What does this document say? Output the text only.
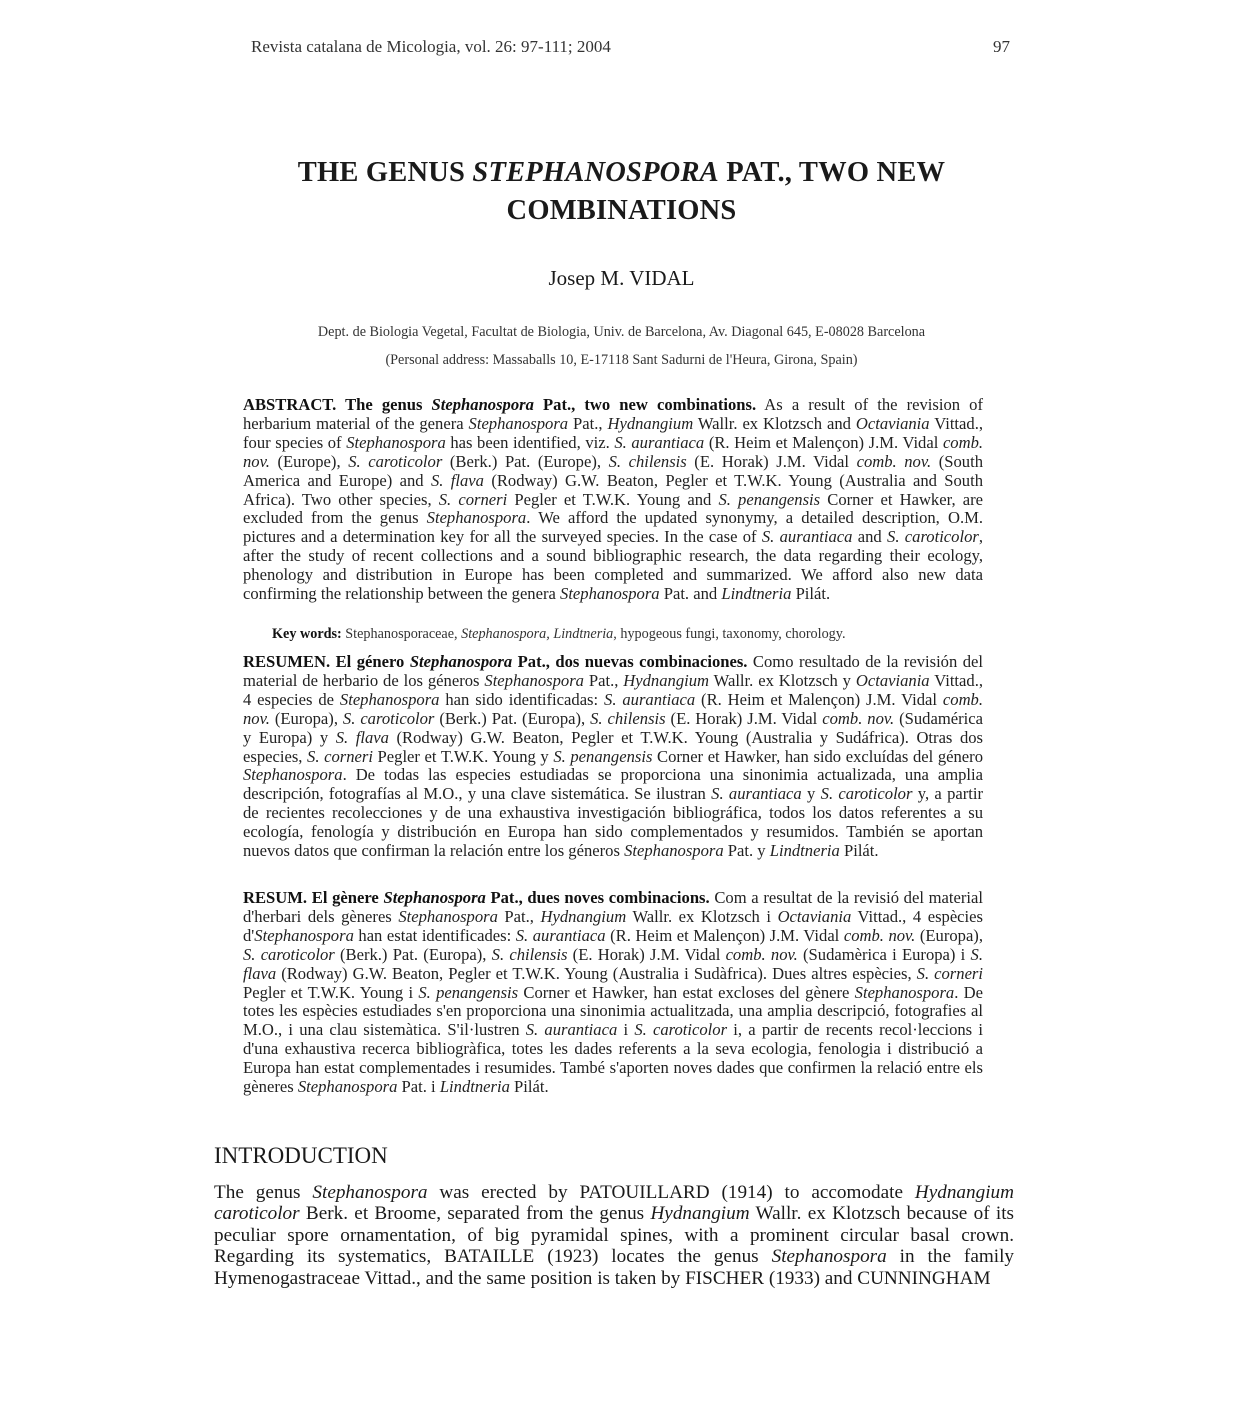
Revista catalana de Micologia, vol. 26: 97-111; 2004	97
THE GENUS STEPHANOSPORA PAT., TWO NEW COMBINATIONS
Josep M. VIDAL
Dept. de Biologia Vegetal, Facultat de Biologia, Univ. de Barcelona, Av. Diagonal 645, E-08028 Barcelona
(Personal address: Massaballs 10, E-17118 Sant Sadurni de l'Heura, Girona, Spain)
ABSTRACT. The genus Stephanospora Pat., two new combinations. As a result of the revision of herbarium material of the genera Stephanospora Pat., Hydnangium Wallr. ex Klotzsch and Octaviania Vittad., four species of Stephanospora has been identified, viz. S. aurantiaca (R. Heim et Malençon) J.M. Vidal comb. nov. (Europe), S. caroticolor (Berk.) Pat. (Europe), S. chilensis (E. Horak) J.M. Vidal comb. nov. (South America and Europe) and S. flava (Rodway) G.W. Beaton, Pegler et T.W.K. Young (Australia and South Africa). Two other species, S. corneri Pegler et T.W.K. Young and S. penangensis Corner et Hawker, are excluded from the genus Stephanospora. We afford the updated synonymy, a detailed description, O.M. pictures and a determination key for all the surveyed species. In the case of S. aurantiaca and S. caroticolor, after the study of recent collections and a sound bibliographic research, the data regarding their ecology, phenology and distribution in Europe has been completed and summarized. We afford also new data confirming the relationship between the genera Stephanospora Pat. and Lindtneria Pilát.
Key words: Stephanosporaceae, Stephanospora, Lindtneria, hypogeous fungi, taxonomy, chorology.
RESUMEN. El género Stephanospora Pat., dos nuevas combinaciones. Como resultado de la revisión del material de herbario de los géneros Stephanospora Pat., Hydnangium Wallr. ex Klotzsch y Octaviania Vittad., 4 especies de Stephanospora han sido identificadas: S. aurantiaca (R. Heim et Malençon) J.M. Vidal comb. nov. (Europa), S. caroticolor (Berk.) Pat. (Europa), S. chilensis (E. Horak) J.M. Vidal comb. nov. (Sudamérica y Europa) y S. flava (Rodway) G.W. Beaton, Pegler et T.W.K. Young (Australia y Sudáfrica). Otras dos especies, S. corneri Pegler et T.W.K. Young y S. penangensis Corner et Hawker, han sido excluídas del género Stephanospora. De todas las especies estudiadas se proporciona una sinonimia actualizada, una amplia descripción, fotografías al M.O., y una clave sistemática. Se ilustran S. aurantiaca y S. caroticolor y, a partir de recientes recolecciones y de una exhaustiva investigación bibliográfica, todos los datos referentes a su ecología, fenología y distribución en Europa han sido complementados y resumidos. También se aportan nuevos datos que confirman la relación entre los géneros Stephanospora Pat. y Lindtneria Pilát.
RESUM. El gènere Stephanospora Pat., dues noves combinacions. Com a resultat de la revisió del material d'herbari dels gèneres Stephanospora Pat., Hydnangium Wallr. ex Klotzsch i Octaviania Vittad., 4 espècies d'Stephanospora han estat identificades: S. aurantiaca (R. Heim et Malençon) J.M. Vidal comb. nov. (Europa), S. caroticolor (Berk.) Pat. (Europa), S. chilensis (E. Horak) J.M. Vidal comb. nov. (Sudamèrica i Europa) i S. flava (Rodway) G.W. Beaton, Pegler et T.W.K. Young (Australia i Sudàfrica). Dues altres espècies, S. corneri Pegler et T.W.K. Young i S. penangensis Corner et Hawker, han estat excloses del gènere Stephanospora. De totes les espècies estudiades s'en proporciona una sinonimia actualitzada, una amplia descripció, fotografies al M.O., i una clau sistemàtica. S'il·lustren S. aurantiaca i S. caroticolor i, a partir de recents recol·leccions i d'una exhaustiva recerca bibliogràfica, totes les dades referents a la seva ecologia, fenologia i distribució a Europa han estat complementades i resumides. També s'aporten noves dades que confirmen la relació entre els gèneres Stephanospora Pat. i Lindtneria Pilát.
INTRODUCTION
The genus Stephanospora was erected by PATOUILLARD (1914) to accomodate Hydnangium caroticolor Berk. et Broome, separated from the genus Hydnangium Wallr. ex Klotzsch because of its peculiar spore ornamentation, of big pyramidal spines, with a prominent circular basal crown. Regarding its systematics, BATAILLE (1923) locates the genus Stephanospora in the family Hymenogastraceae Vittad., and the same position is taken by FISCHER (1933) and CUNNINGHAM
